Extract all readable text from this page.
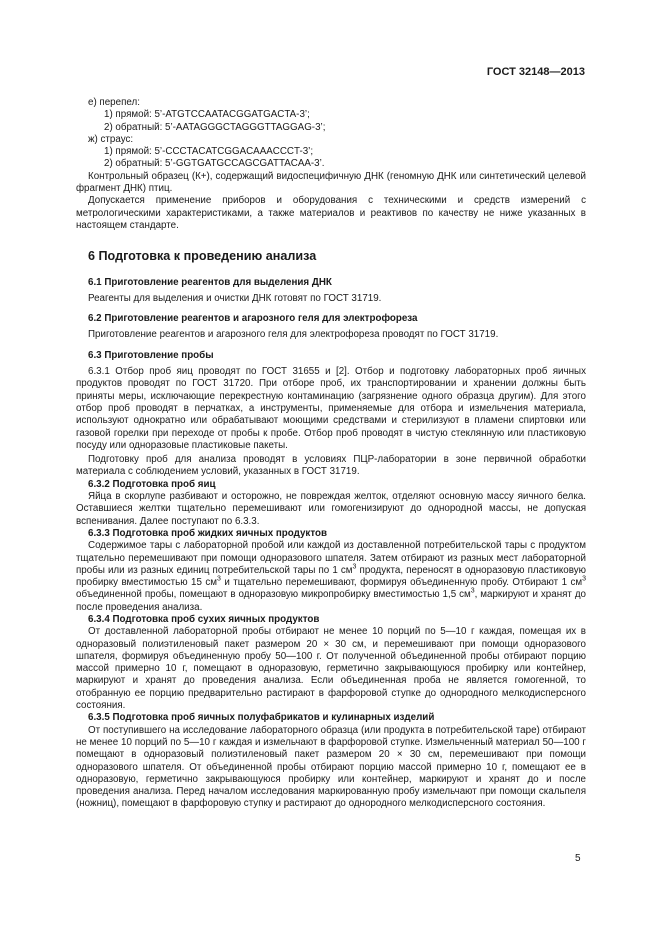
ГОСТ 32148—2013

е) перепел:

1) прямой: 5’-ATGTCCAATACGGATGACTA-3’;

2) обратный: 5’-AATAGGGCTAGGGTTAGGAG-3’;

ж) страус:

1) прямой: 5’-CCCTACATCGGACAAACCCT-3’;

2) обратный: 5’-GGTGATGCCAGCGATTACAA-3’.

Контрольный образец (К+), содержащий видоспецифичную ДНК (геномную ДНК или синтетический целевой фрагмент ДНК) птиц.

Допускается применение приборов и оборудования с техническими и средств измерений с метрологическими характеристиками, а также материалов и реактивов по качеству не ниже указанных в настоящем стандарте.

6 Подготовка к проведению анализа
6.1 Приготовление реагентов для выделения ДНК

Реагенты для выделения и очистки ДНК готовят по ГОСТ 31719.

6.2 Приготовление реагентов и агарозного геля для электрофореза

Приготовление реагентов и агарозного геля для электрофореза проводят по ГОСТ 31719.

6.3 Приготовление пробы

6.3.1 Отбор проб яиц проводят по ГОСТ 31655 и [2]. Отбор и подготовку лабораторных проб яичных продуктов проводят по ГОСТ 31720. При отборе проб, их транспортировании и хранении должны быть приняты меры, исключающие перекрестную контаминацию (загрязнение одного образца другим). Для этого отбор проб проводят в перчатках, а инструменты, применяемые для отбора и измельчения материала, используют однократно или обрабатывают моющими средствами и стерилизуют в пламени спиртовки или газовой горелки при переходе от пробы к пробе. Отбор проб проводят в чистую стеклянную или пластиковую посуду или одноразовые пластиковые пакеты.

Подготовку проб для анализа проводят в условиях ПЦР-лаборатории в зоне первичной обработки материала с соблюдением условий, указанных в ГОСТ 31719.

6.3.2 Подготовка проб яиц

Яйца в скорлупе разбивают и осторожно, не повреждая желток, отделяют основную массу яичного белка. Оставшиеся желтки тщательно перемешивают или гомогенизируют до однородной массы, не допуская вспенивания. Далее поступают по 6.3.3.

6.3.3 Подготовка проб жидких яичных продуктов

Содержимое тары с лабораторной пробой или каждой из доставленной потребительской тары с продуктом тщательно перемешивают при помощи одноразового шпателя. Затем отбирают из разных мест лабораторной пробы или из разных единиц потребительской тары по 1 $см^3$ продукта, переносят в одноразовую пластиковую пробирку вместимостью 15 $см^3$ и тщательно перемешивают, формируя объединенную пробу. Отбирают 1 $см^3$ объединенной пробы, помещают в одноразовую микропробирку вместимостью 1,5 $см^3$, маркируют и хранят до после проведения анализа.

6.3.4 Подготовка проб сухих яичных продуктов

От доставленной лабораторной пробы отбирают не менее 10 порций по 5—10 г каждая, помещая их в одноразовый полиэтиленовый пакет размером 20 × 30 см, и перемешивают при помощи одноразового шпателя, формируя объединенную пробу 50—100 г. От полученной объединенной пробы отбирают порцию массой примерно 10 г, помещают в одноразовую, герметично закрывающуюся пробирку или контейнер, маркируют и хранят до проведения анализа. Если объединенная проба не является гомогенной, то отобранную ее порцию предварительно растирают в фарфоровой ступке до однородного мелкодисперсного состояния.

6.3.5 Подготовка проб яичных полуфабрикатов и кулинарных изделий

От поступившего на исследование лабораторного образца (или продукта в потребительской таре) отбирают не менее 10 порций по 5—10 г каждая и измельчают в фарфоровой ступке. Измельченный материал 50—100 г помещают в одноразовый полиэтиленовый пакет размером 20 × 30 см, перемешивают при помощи одноразового шпателя. От объединенной пробы отбирают порцию массой примерно 10 г, помещают ее в одноразовую, герметично закрывающуюся пробирку или контейнер, маркируют и хранят до и после проведения анализа. Перед началом исследования маркированную пробу измельчают при помощи скальпеля (ножниц), помещают в фарфоровую ступку и растирают до однородного мелкодисперсного состояния.

5
